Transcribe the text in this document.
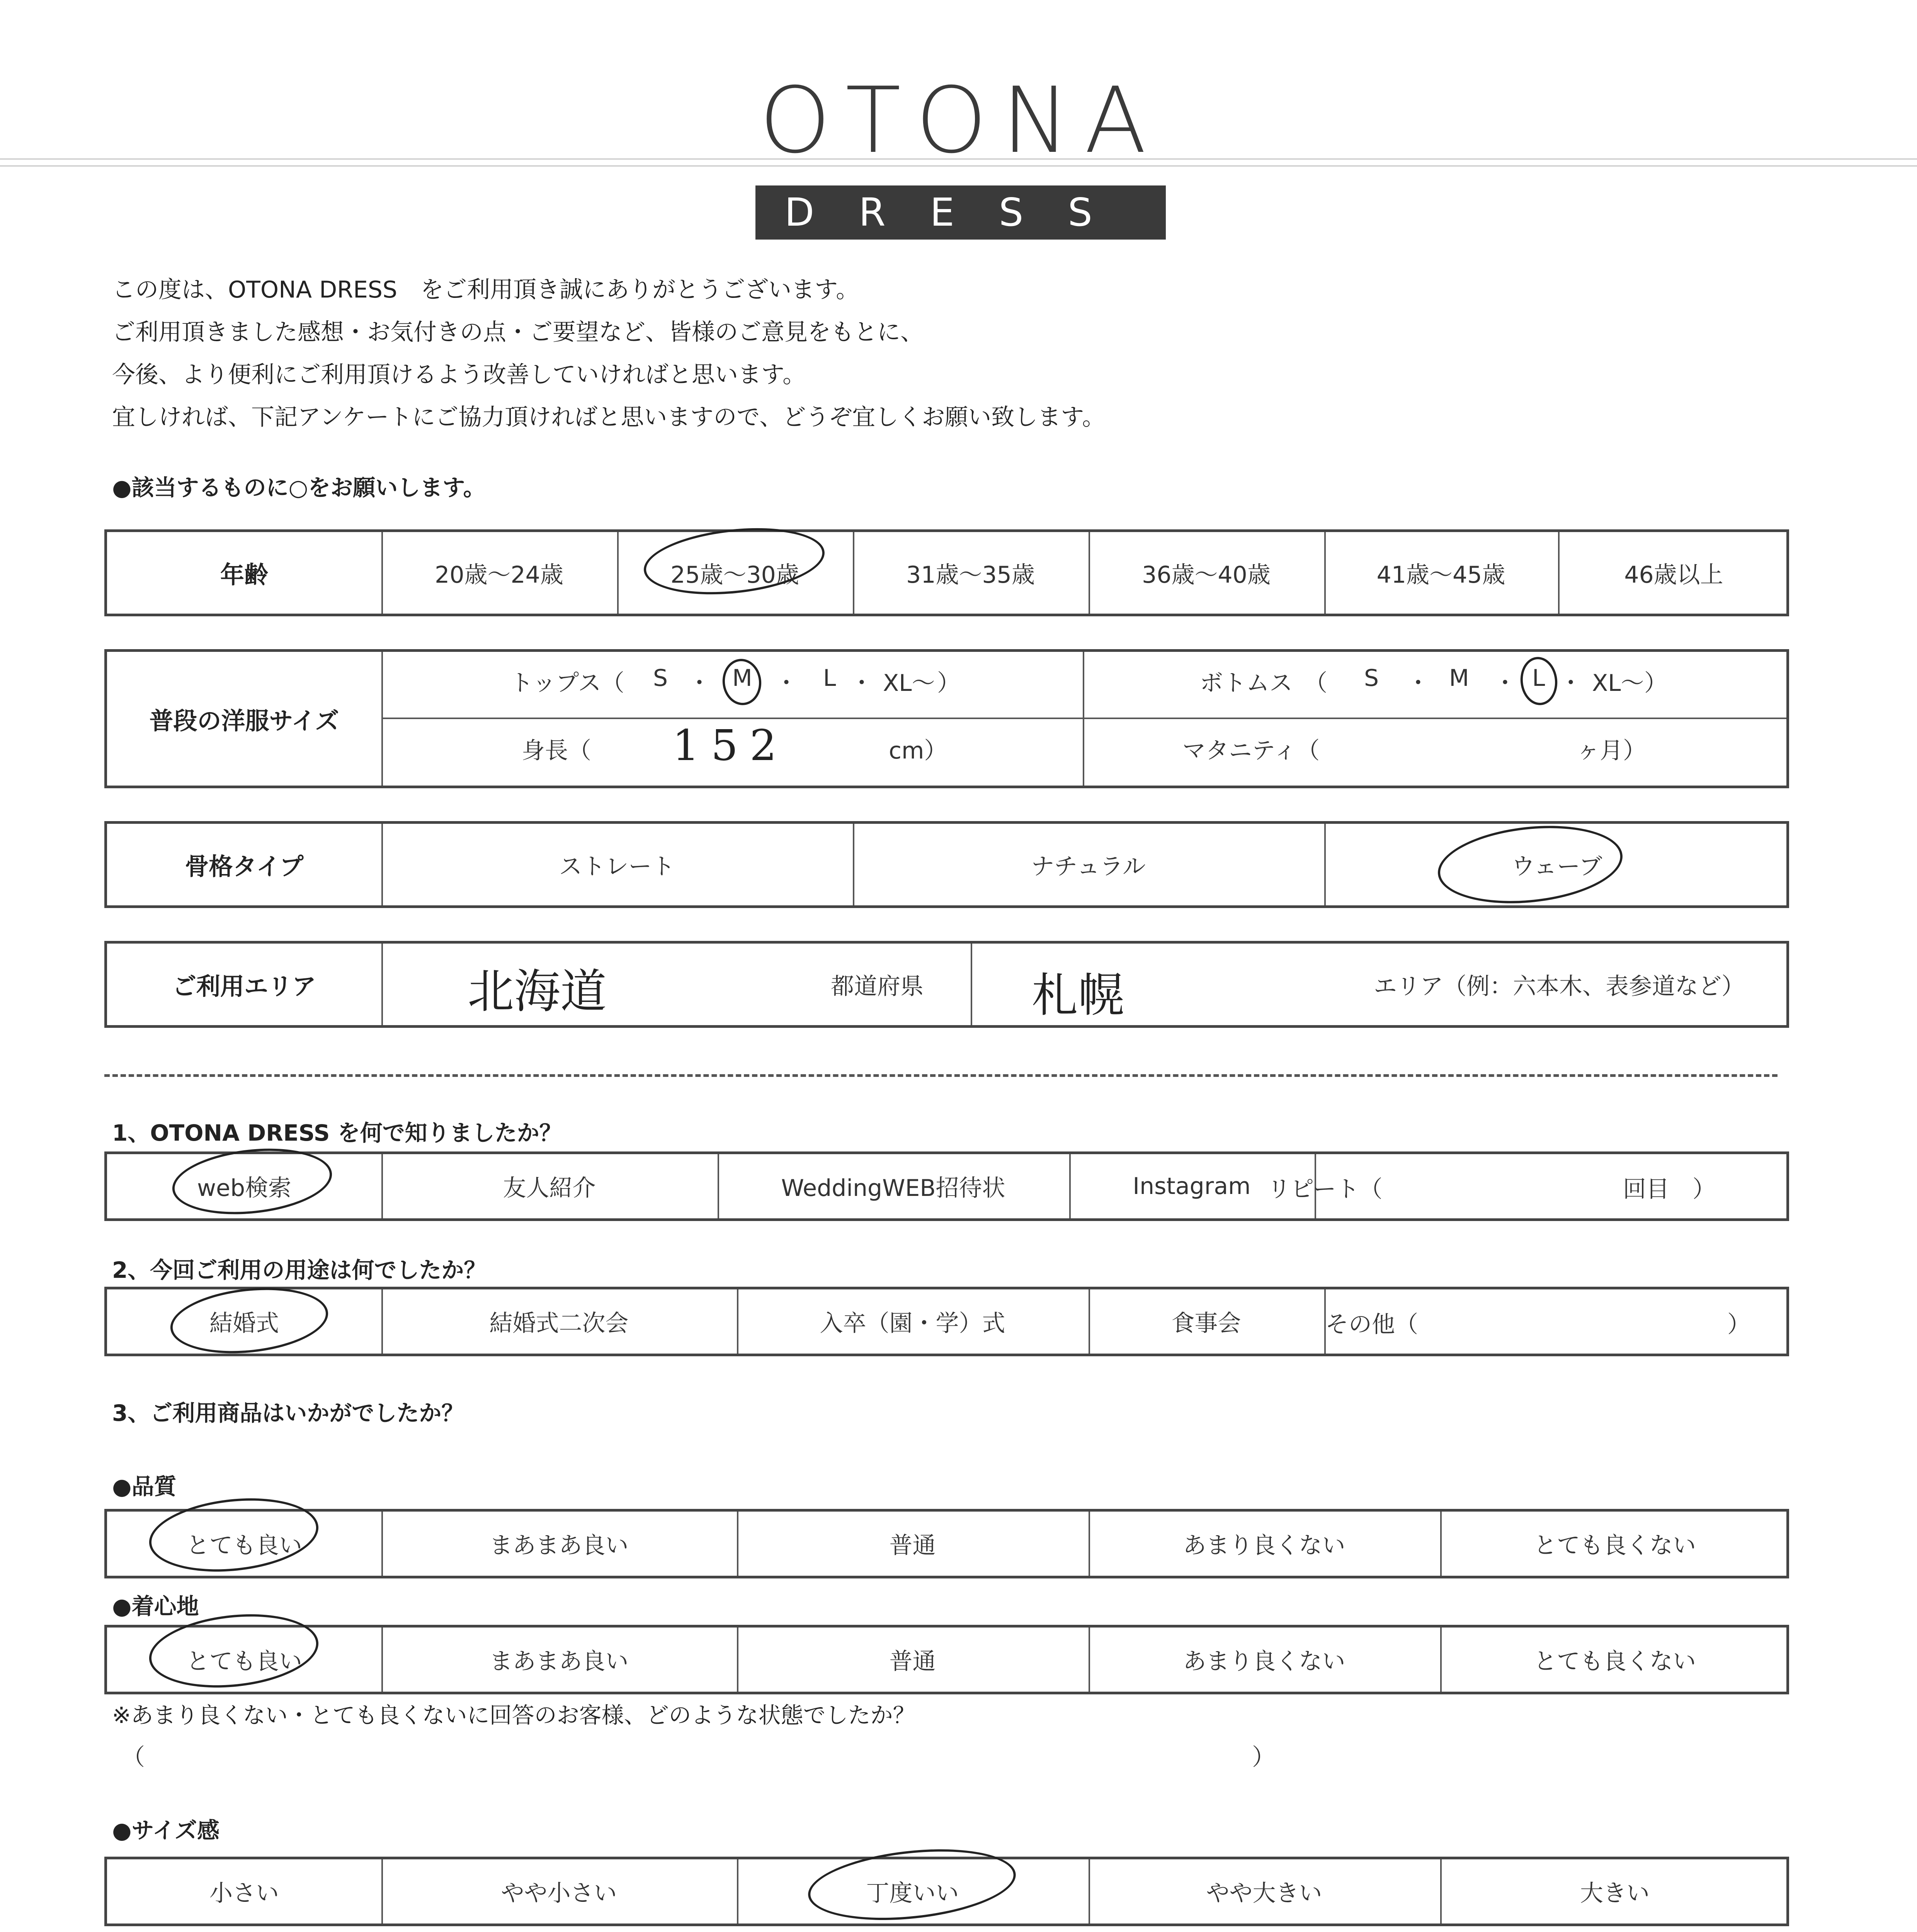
OTONA
DRESS
この度は、OTONA DRESS　をご利用頂き誠にありがとうございます。
ご利用頂きました感想・お気付きの点・ご要望など、皆様のご意見をもとに、
今後、より便利にご利用頂けるよう改善していければと思います。
宜しければ、下記アンケートにご協力頂ければと思いますので、どうぞ宜しくお願い致します。
●該当するものに○をお願いします。
年齢	20歳〜24歳	25歳〜30歳	31歳〜35歳	36歳〜40歳	41歳〜45歳	46歳以上
普段の洋服サイズ
トップス（ S ・ M ・ L ・ XL〜 ）	ボトムス　（ S ・ M ・ L ・ XL〜 ）
身長（ 152	cm）	マタニティ（	ヶ月）
骨格タイプ	ストレート	ナチュラル	ウェーブ
ご利用エリア	北海道	都道府県 札幌	エリア（例：六本木、表参道など）
1、OTONA DRESS を何で知りましたか？
web検索	友人紹介	WeddingWEB招待状	Instagram リピート（	回目　）
2、今回ご利用の用途は何でしたか？
結婚式	結婚式二次会	入卒（園・学）式	食事会	その他（	）
3、ご利用商品はいかがでしたか？
●品質
とても良い	まあまあ良い	普通	あまり良くない	とても良くない
●着心地
とても良い	まあまあ良い	普通	あまり良くない	とても良くない
※あまり良くない・とても良くないに回答のお客様、どのような状態でしたか？
（	）
●サイズ感
小さい	やや小さい	丁度いい	やや大きい	大きい
